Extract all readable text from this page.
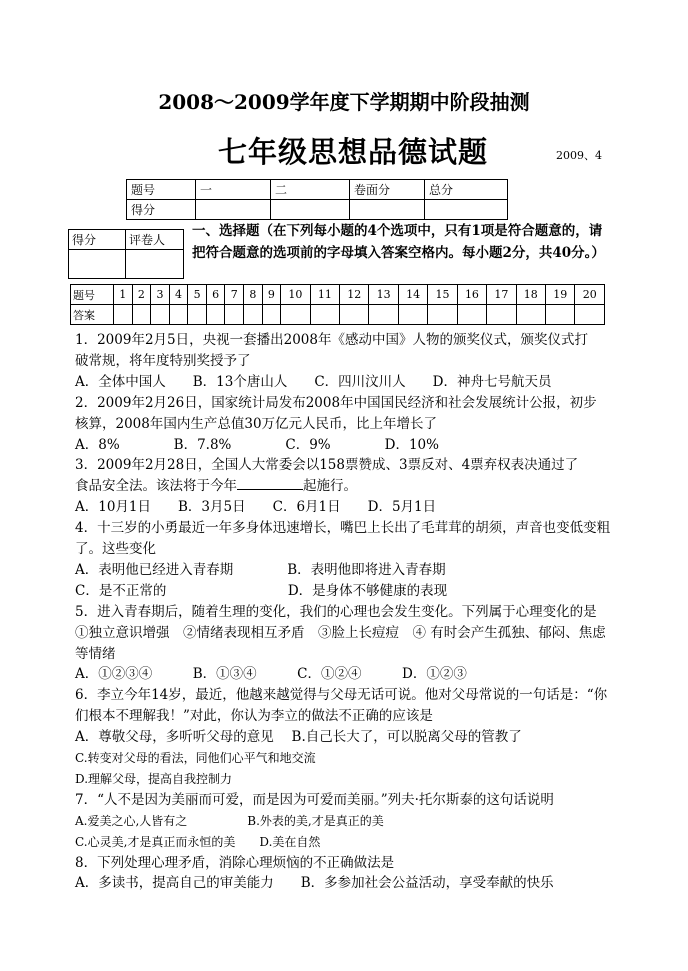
2008～2009学年度下学期期中阶段抽测
七年级思想品德试题	2009、4
题号	一	二	卷面分	总分
得分				
得分	评卷人

一、选择题（在下列每小题的4个选项中，只有1项是符合题意的，请把符合题意的选项前的字母填入答案空格内。每小题2分，共40分。）
题号	1	2	3	4	5	6	7	8	9	10	11	12	13	14	15	16	17	18	19	20
答案																				
1．2009年2月5日，央视一套播出2008年《感动中国》人物的颁奖仪式，颁奖仪式打
破常规，将年度特别奖授予了
A．全体中国人　　B．13个唐山人　　C．四川汶川人　　D．神舟七号航天员
2．2009年2月26日，国家统计局发布2008年中国国民经济和社会发展统计公报，初步
核算，2008年国内生产总值30万亿元人民币，比上年增长了
A．8%　　　　B．7.8%　　　　C．9%　　　　D．10%
3．2009年2月28日，全国人大常委会以158票赞成、3票反对、4票弃权表决通过了
食品安全法。该法将于今年	起施行。
A．10月1日　　B．3月5日　　C．6月1日　　D．5月1日
4．十三岁的小勇最近一年多身体迅速增长，嘴巴上长出了毛茸茸的胡须，声音也变低变粗
了。这些变化
A．表明他已经进入青春期　　　　B．表明他即将进入青春期
C．是不正常的　　　　　　　　　D．是身体不够健康的表现
5．进入青春期后，随着生理的变化，我们的心理也会发生变化。下列属于心理变化的是
①独立意识增强　②情绪表现相互矛盾　③脸上长痘痘　④ 有时会产生孤独、郁闷、焦虑
等情绪
A．①②③④　　　B．①③④　　　C．①②④　　　D．①②③
6．李立今年14岁，最近，他越来越觉得与父母无话可说。他对父母常说的一句话是：“你
们根本不理解我！”对此，你认为李立的做法不正确的应该是
A．尊敬父母，多听听父母的意见　 B.自己长大了，可以脱离父母的管教了
C.转变对父母的看法，同他们心平气和地交流
D.理解父母，提高自我控制力
7．“人不是因为美丽而可爱，而是因为可爱而美丽。”列夫·托尔斯泰的这句话说明
A.爱美之心,人皆有之　　　　　B.外表的美,才是真正的美
C.心灵美,才是真正而永恒的美　　D.美在自然
8．下列处理心理矛盾，消除心理烦恼的不正确做法是
A．多读书，提高自己的审美能力　　B．多参加社会公益活动，享受奉献的快乐
